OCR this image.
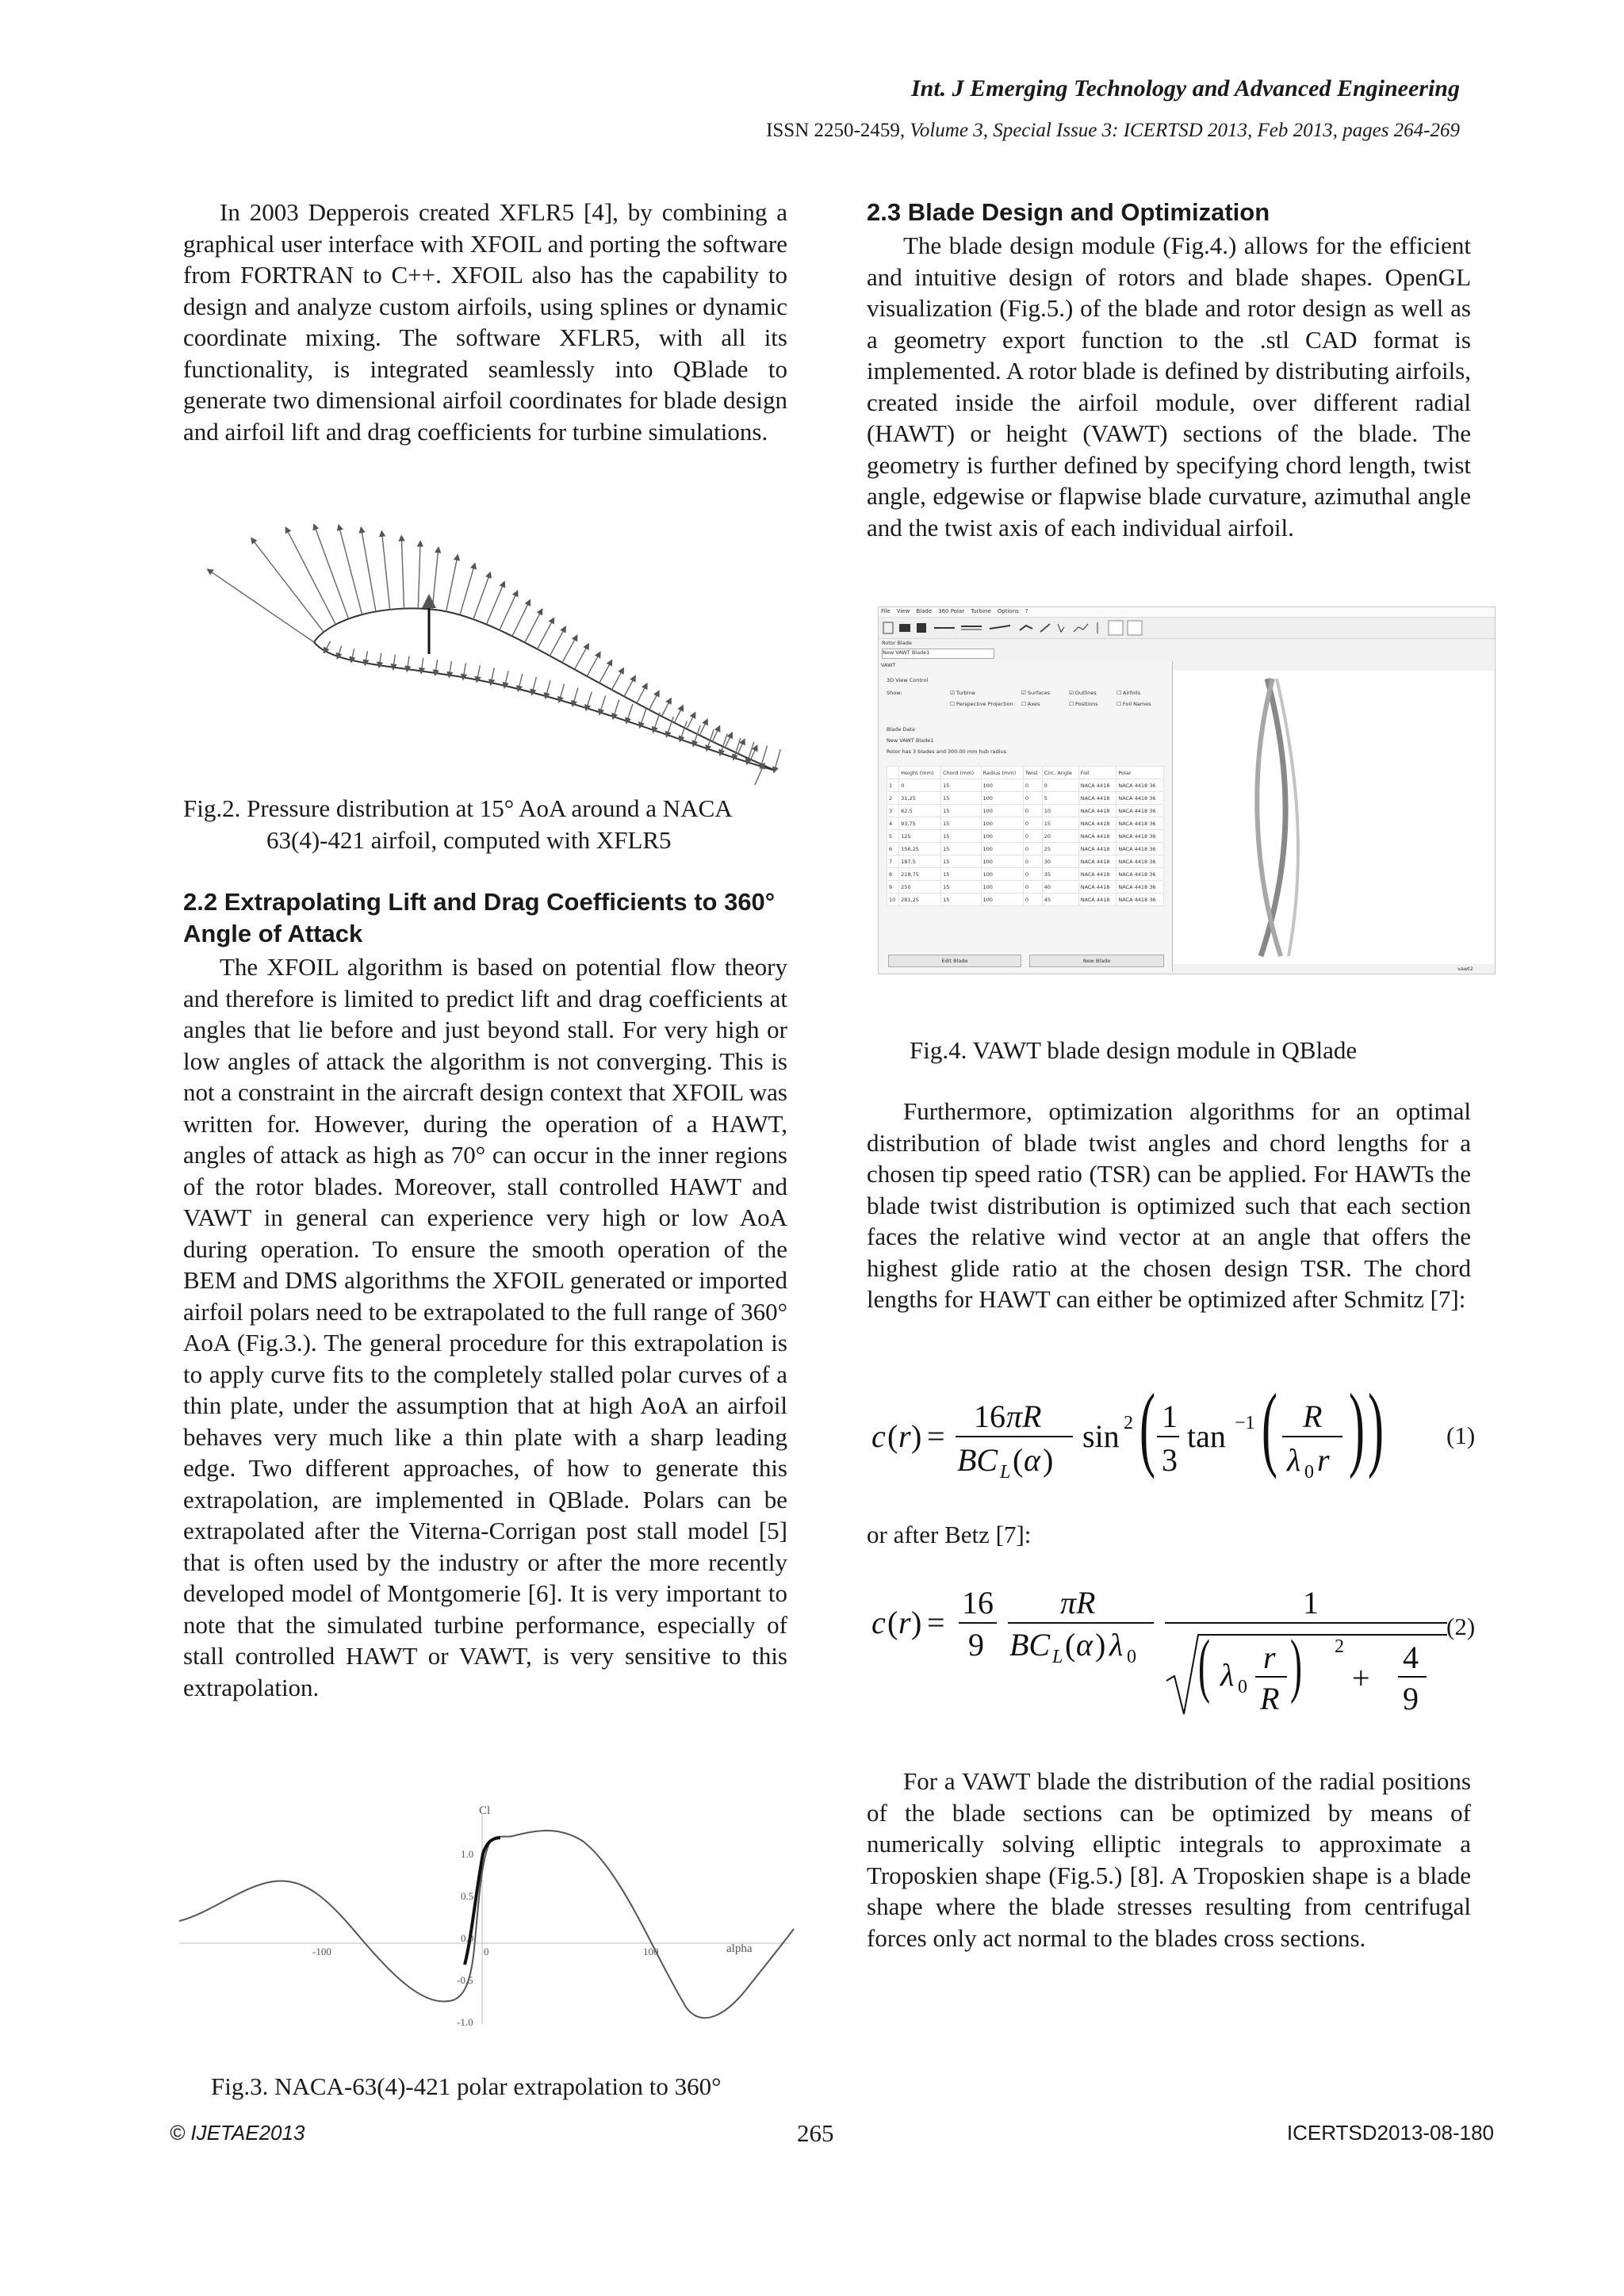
Int. J Emerging Technology and Advanced Engineering
ISSN 2250-2459, Volume 3, Special Issue 3: ICERTSD 2013, Feb 2013, pages 264-269

In 2003 Depperois created XFLR5 [4], by combining a graphical user interface with XFOIL and porting the software from FORTRAN to C++. XFOIL also has the capability to design and analyze custom airfoils, using splines or dynamic coordinate mixing. The software XFLR5, with all its functionality, is integrated seamlessly into QBlade to generate two dimensional airfoil coordinates for blade design and airfoil lift and drag coefficients for turbine simulations.

Fig.2. Pressure distribution at 15° AoA around a NACA
63(4)-421 airfoil, computed with XFLR5
2.2 Extrapolating Lift and Drag Coefficients to 360° Angle of Attack

The XFOIL algorithm is based on potential flow theory and therefore is limited to predict lift and drag coefficients at angles that lie before and just beyond stall. For very high or low angles of attack the algorithm is not converging. This is not a constraint in the aircraft design context that XFOIL was written for. However, during the operation of a HAWT, angles of attack as high as 70° can occur in the inner regions of the rotor blades. Moreover, stall controlled HAWT and VAWT in general can experience very high or low AoA during operation. To ensure the smooth operation of the BEM and DMS algorithms the XFOIL generated or imported airfoil polars need to be extrapolated to the full range of 360° AoA (Fig.3.). The general procedure for this extrapolation is to apply curve fits to the completely stalled polar curves of a thin plate, under the assumption that at high AoA an airfoil behaves very much like a thin plate with a sharp leading edge. Two different approaches, of how to generate this extrapolation, are implemented in QBlade. Polars can be extrapolated after the Viterna-Corrigan post stall model [5] that is often used by the industry or after the more recently developed model of Montgomerie [6]. It is very important to note that the simulated turbine performance, especially of stall controlled HAWT or VAWT, is very sensitive to this extrapolation.

Cl
alpha
1.0
0.5
0.0
-0.5
-1.0
-100	0	100
Fig.3. NACA-63(4)-421 polar extrapolation to 360°
2.3 Blade Design and Optimization

The blade design module (Fig.4.) allows for the efficient and intuitive design of rotors and blade shapes. OpenGL visualization (Fig.5.) of the blade and rotor design as well as a geometry export function to the .stl CAD format is implemented. A rotor blade is defined by distributing airfoils, created inside the airfoil module, over different radial (HAWT) or height (VAWT) sections of the blade. The geometry is further defined by specifying chord length, twist angle, edgewise or flapwise blade curvature, azimuthal angle and the twist axis of each individual airfoil.

File View Blade 360 Polar Turbine Options ?
Rotor Blade
New VAWT Blade1
VAWT
3D View Control
Show:	☑ Turbine	☑ Surfaces	☑ Outlines	☐ Airfoils
☐ Perspective Projection ☐ Axes	☐ Positions	☐ Foil Names
Blade Data
New VAWT Blade1
Rotor has 3 blades and 300.00 mm hub radius
	Height (mm)	Chord (mm)	Radius (mm)	Twist	Circ. Angle	Foil	Polar
1	0	15	100	0	0	NACA 4418	NACA 4418 36
2	31,25	15	100	0	5	NACA 4418	NACA 4418 36
3	62,5	15	100	0	10	NACA 4418	NACA 4418 36
4	93,75	15	100	0	15	NACA 4418	NACA 4418 36
5	125	15	100	0	20	NACA 4418	NACA 4418 36
6	156,25	15	100	0	25	NACA 4418	NACA 4418 36
7	187,5	15	100	0	30	NACA 4418	NACA 4418 36
8	218,75	15	100	0	35	NACA 4418	NACA 4418 36
9	250	15	100	0	40	NACA 4418	NACA 4418 36
10	281,25	15	100	0	45	NACA 4418	NACA 4418 36
Edit Blade	New Blade
vawt2
Fig.4. VAWT blade design module in QBlade

Furthermore, optimization algorithms for an optimal distribution of blade twist angles and chord lengths for a chosen tip speed ratio (TSR) can be applied. For HAWTs the blade twist distribution is optimized such that each section faces the relative wind vector at an angle that offers the highest glide ratio at the chosen design TSR. The chord lengths for HAWT can either be optimized after Schmitz [7]:

c ( r ) =
16 πR
BC L ( α )
sin 2 ( 1
3
tan −1 ( R
λ 0 r ) )	(1)
or after Betz [7]:
c ( r ) =
16
9
πR
BC L ( α ) λ 0
1
( λ 0
r
R ) 2
+
4
9
(2)

For a VAWT blade the distribution of the radial positions of the blade sections can be optimized by means of numerically solving elliptic integrals to approximate a Troposkien shape (Fig.5.) [8]. A Troposkien shape is a blade shape where the blade stresses resulting from centrifugal forces only act normal to the blades cross sections.

© IJETAE2013	265	ICERTSD2013-08-180
